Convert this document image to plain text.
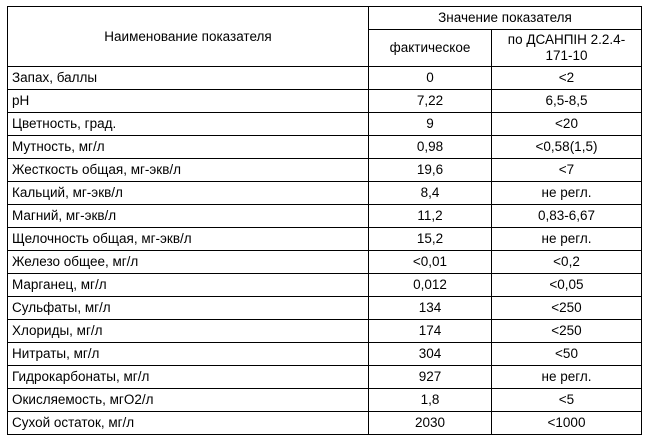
Наименование показателя	Значение показателя	
	фактическое	по ДСАНПІН 2.2.4-171-10
Запах, баллы	0	<2
pH	7,22	6,5-8,5
Цветность, град.	9	<20
Мутность, мг/л	0,98	<0,58(1,5)
Жесткость общая, мг-экв/л	19,6	<7
Кальций, мг-экв/л	8,4	не регл.
Магний, мг-экв/л	11,2	0,83-6,67
Щелочность общая, мг-экв/л	15,2	не регл.
Железо общее, мг/л	<0,01	<0,2
Марганец, мг/л	0,012	<0,05
Сульфаты, мг/л	134	<250
Хлориды, мг/л	174	<250
Нитраты, мг/л	304	<50
Гидрокарбонаты, мг/л	927	не регл.
Окисляемость, мгО2/л	1,8	<5
Сухой остаток, мг/л	2030	<1000
